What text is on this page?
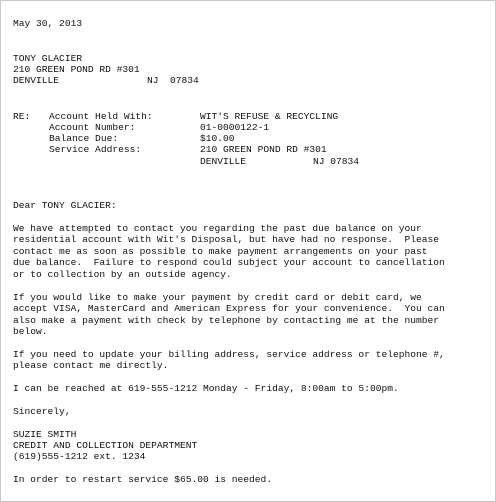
May 30, 2013

TONY GLACIER

210 GREEN POND RD #301

DENVILLE

	NJ  07834

RE:

Account Held With:

	WIT'S REFUSE & RECYCLING

Account Number:

	01-0000122-1

Balance Due:

	$10.00

Service Address:

	210 GREEN POND RD #301

DENVILLE

	NJ 07834

Dear TONY GLACIER:

We have attempted to contact you regarding the past due balance on your
residential account with Wit's Disposal, but have had no response.  Please
contact me as soon as possible to make payment arrangements on your past
due balance.  Failure to respond could subject your account to cancellation
or to collection by an outside agency.

If you would like to make your payment by credit card or debit card, we
accept VISA, MasterCard and American Express for your convenience.  You can
also make a payment with check by telephone by contacting me at the number
below.

If you need to update your billing address, service address or telephone #,
please contact me directly.

I can be reached at 619-555-1212 Monday - Friday, 8:00am to 5:00pm.

Sincerely,

SUZIE SMITH

CREDIT AND COLLECTION DEPARTMENT

(619)555-1212 ext. 1234

In order to restart service $65.00 is needed.
